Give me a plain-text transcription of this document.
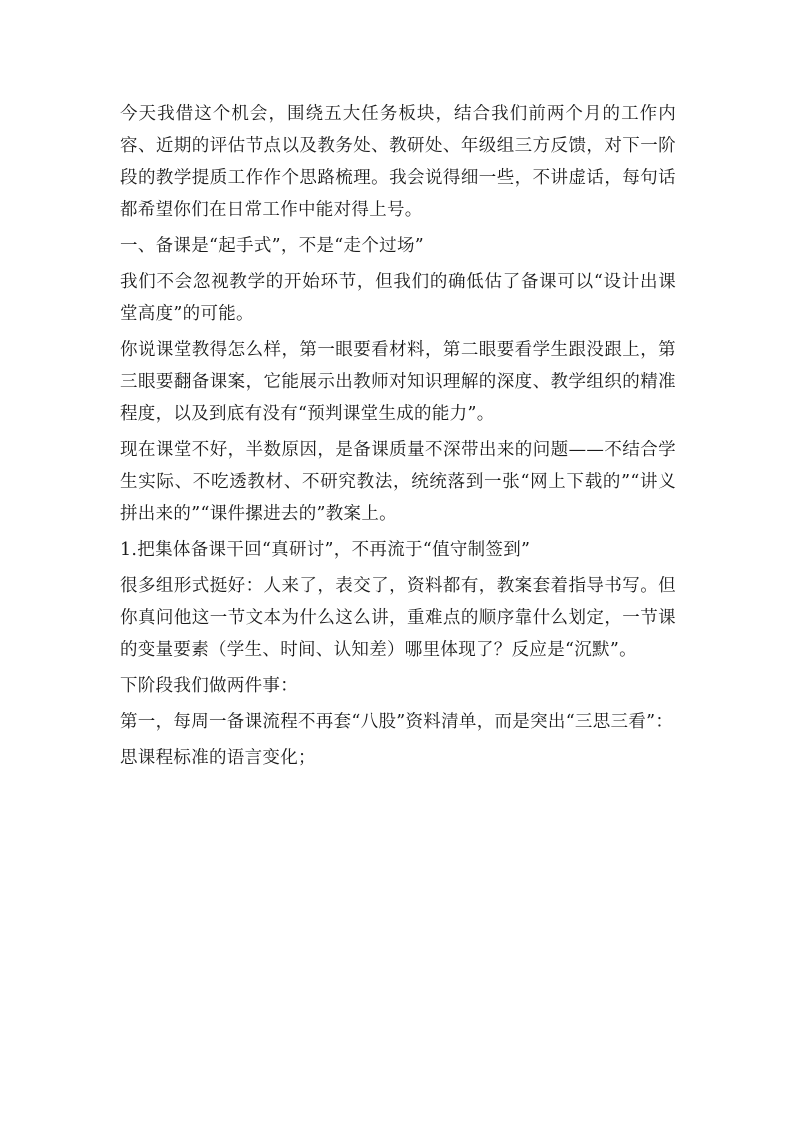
今天我借这个机会，围绕五大任务板块，结合我们前两个月的工作内容、近期的评估节点以及教务处、教研处、年级组三方反馈，对下一阶段的教学提质工作作个思路梳理。我会说得细一些，不讲虚话，每句话都希望你们在日常工作中能对得上号。

一、备课是“起手式”，不是“走个过场”

我们不会忽视教学的开始环节，但我们的确低估了备课可以“设计出课堂高度”的可能。

你说课堂教得怎么样，第一眼要看材料，第二眼要看学生跟没跟上，第三眼要翻备课案，它能展示出教师对知识理解的深度、教学组织的精准程度，以及到底有没有“预判课堂生成的能力”。

现在课堂不好，半数原因，是备课质量不深带出来的问题——不结合学生实际、不吃透教材、不研究教法，统统落到一张“网上下载的”“讲义拼出来的”“课件摞进去的”教案上。

1.把集体备课干回“真研讨”，不再流于“值守制签到”

很多组形式挺好：人来了，表交了，资料都有，教案套着指导书写。但你真问他这一节文本为什么这么讲，重难点的顺序靠什么划定，一节课的变量要素（学生、时间、认知差）哪里体现了？反应是“沉默”。

下阶段我们做两件事：

第一，每周一备课流程不再套“八股”资料清单，而是突出“三思三看”：

思课程标准的语言变化；
